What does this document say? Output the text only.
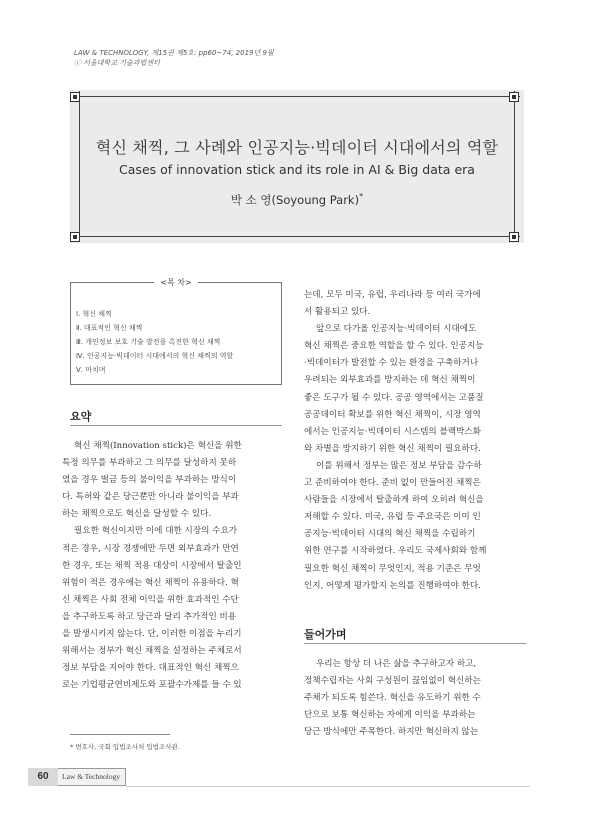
LAW & TECHNOLOGY, 제15권 제5호: pp60~74, 2019년 9월
ⓒ 서울대학교 기술과법센터
혁신 채찍, 그 사례와 인공지능·빅데이터 시대에서의 역할
Cases of innovation stick and its role in AI & Big data era
박 소 영(Soyoung Park)*
<목 차>
Ⅰ. 혁신 채찍
Ⅱ. 대표적인 혁신 채찍
Ⅲ. 개인정보 보호 기술 발전을 촉진한 혁신 채찍
Ⅳ. 인공지능·빅데이터 시대에서의 혁신 채찍의 역할
Ⅴ. 마치며
요약

혁신 채찍(Innovation stick)은 혁신을 위한

특정 의무를 부과하고 그 의무를 달성하지 못하

였을 경우 벌금 등의 불이익을 부과하는 방식이

다. 특허와 같은 당근뿐만 아니라 불이익을 부과

하는 채찍으로도 혁신을 달성할 수 있다.

필요한 혁신이지만 이에 대한 시장의 수요가

적은 경우, 시장 경쟁에만 두면 외부효과가 만연

한 경우, 또는 채찍 적용 대상이 시장에서 탈출인

위험이 적은 경우에는 혁신 채찍이 유용하다. 혁

신 채찍은 사회 전체 이익을 위한 효과적인 수단

을 추구하도록 하고 당근과 달리 추가적인 비용

을 발생시키지 않는다. 단, 이러한 이점을 누리기

위해서는 정부가 혁신 채찍을 설정하는 주체로서

정보 부담을 지어야 한다. 대표적인 혁신 채찍으

로는 기업평균연비제도와 포괄수가제를 들 수 있

는데, 모두 미국, 유럽, 우리나라 등 여러 국가에

서 활용되고 있다.

앞으로 다가올 인공지능·빅데이터 시대에도

혁신 채찍은 중요한 역할을 할 수 있다. 인공지능

·빅데이터가 발전할 수 있는 환경을 구축하거나

우려되는 외부효과를 방지하는 데 혁신 채찍이

좋은 도구가 될 수 있다. 공공 영역에서는 고품질

공공데이터 확보를 위한 혁신 채찍이, 시장 영역

에서는 인공지능·빅데이터 시스템의 블랙박스화

와 차별을 방지하기 위한 혁신 채찍이 필요하다.

이를 위해서 정부는 많은 정보 부담을 감수하

고 준비하여야 한다. 준비 없이 만들어진 채찍은

사람들을 시장에서 탈출하게 하여 오히려 혁신을

저해할 수 있다. 미국, 유럽 등 주요국은 이미 인

공지능·빅데이터 시대의 혁신 채찍을 수립하기

위한 연구를 시작하였다. 우리도 국제사회와 함께

필요한 혁신 채찍이 무엇인지, 적용 기준은 무엇

인지, 어떻게 평가할지 논의를 진행하여야 한다.

들어가며

우리는 항상 더 나은 삶을 추구하고자 하고,

정책수립자는 사회 구성원이 끊임없이 혁신하는

주체가 되도록 힘쓴다. 혁신을 유도하기 위한 수

단으로 보통 혁신하는 자에게 이익을 부과하는

당근 방식에만 주목한다. 하지만 혁신하지 않는

* 변호사, 국회 입법조사처 입법조사관.
60	Law & Technology
